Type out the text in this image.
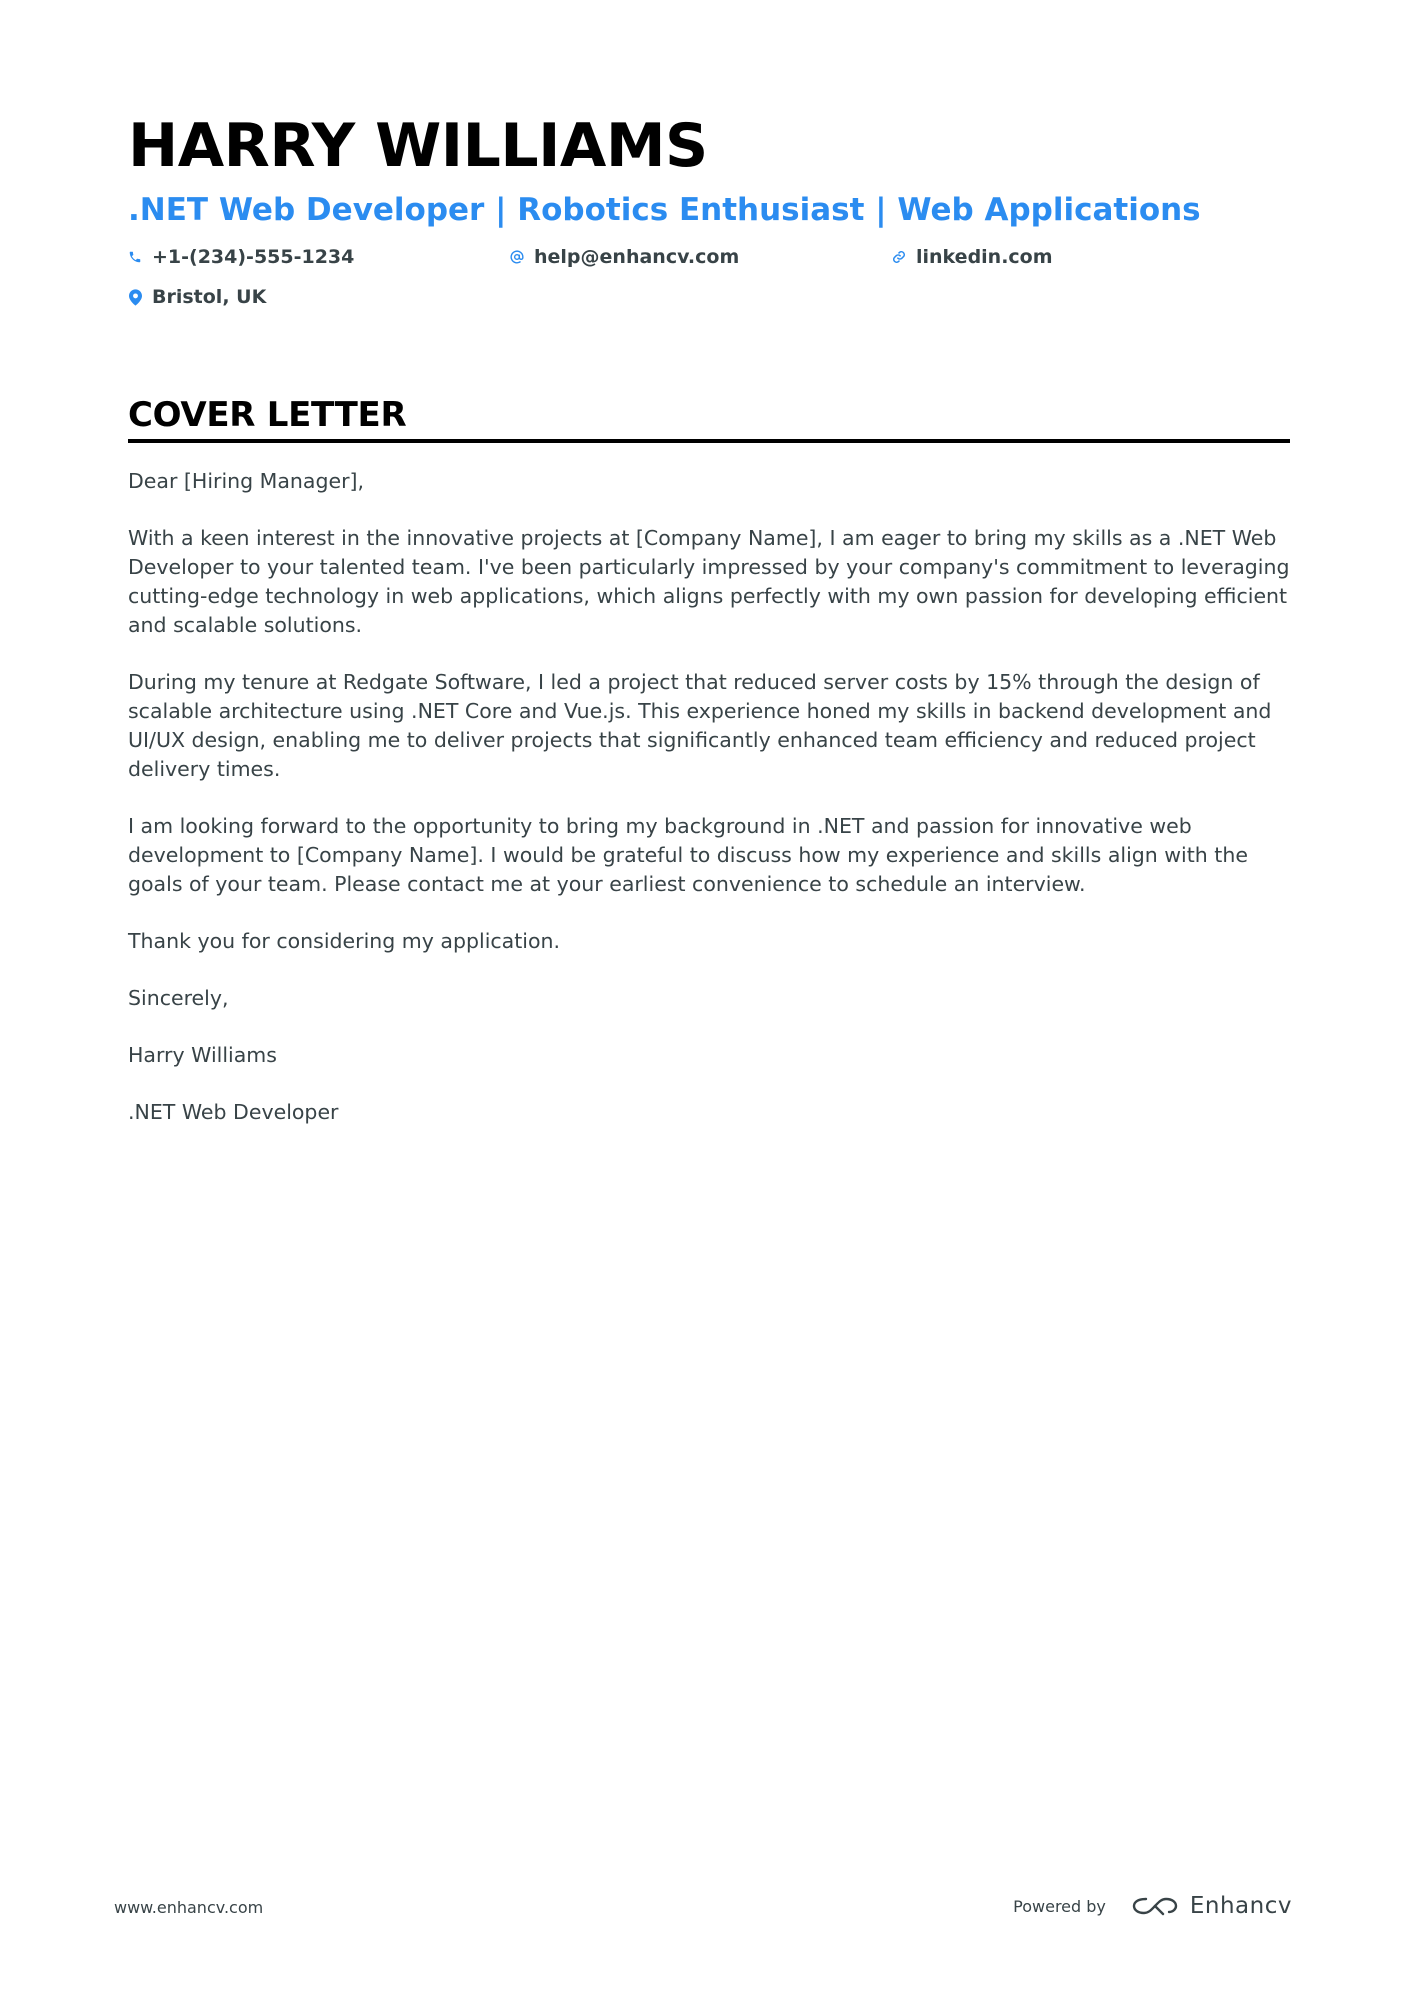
HARRY WILLIAMS
.NET Web Developer | Robotics Enthusiast | Web Applications
+1-(234)-555-1234	help@enhancv.com	linkedin.com
Bristol, UK
COVER LETTER

Dear [Hiring Manager],

With a keen interest in the innovative projects at [Company Name], I am eager to bring my skills as a .NET Web Developer to your talented team. I've been particularly impressed by your company's commitment to leveraging cutting-edge technology in web applications, which aligns perfectly with my own passion for developing efficient and scalable solutions.

During my tenure at Redgate Software, I led a project that reduced server costs by 15% through the design of scalable architecture using .NET Core and Vue.js. This experience honed my skills in backend development and UI/UX design, enabling me to deliver projects that significantly enhanced team efficiency and reduced project delivery times.

I am looking forward to the opportunity to bring my background in .NET and passion for innovative web development to [Company Name]. I would be grateful to discuss how my experience and skills align with the goals of your team. Please contact me at your earliest convenience to schedule an interview.

Thank you for considering my application.

Sincerely,

Harry Williams

.NET Web Developer

www.enhancv.com	Powered by	Enhancv
